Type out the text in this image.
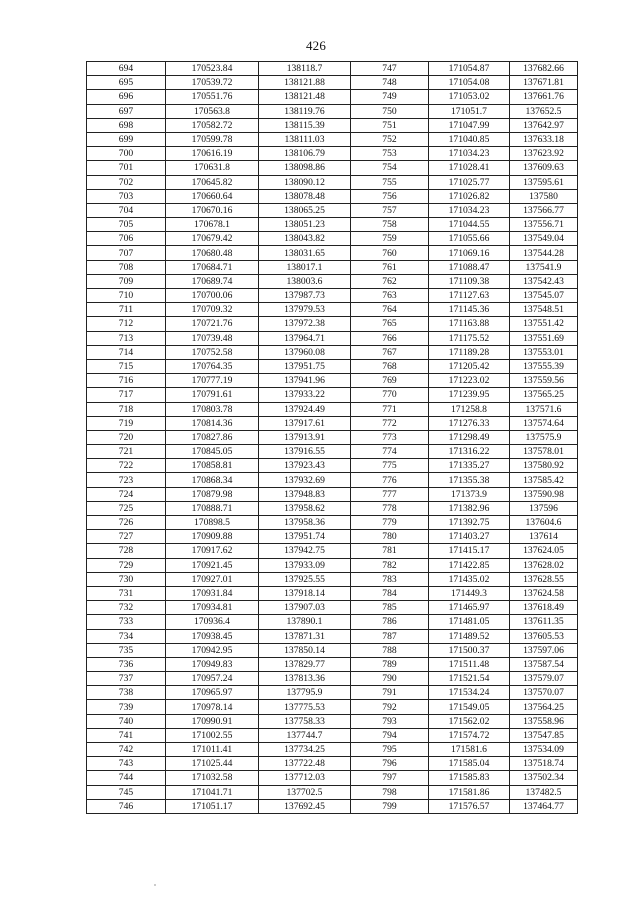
426
694	170523.84	138118.7	747	171054.87	137682.66
695	170539.72	138121.88	748	171054.08	137671.81
696	170551.76	138121.48	749	171053.02	137661.76
697	170563.8	138119.76	750	171051.7	137652.5
698	170582.72	138115.39	751	171047.99	137642.97
699	170599.78	138111.03	752	171040.85	137633.18
700	170616.19	138106.79	753	171034.23	137623.92
701	170631.8	138098.86	754	171028.41	137609.63
702	170645.82	138090.12	755	171025.77	137595.61
703	170660.64	138078.48	756	171026.82	137580
704	170670.16	138065.25	757	171034.23	137566.77
705	170678.1	138051.23	758	171044.55	137556.71
706	170679.42	138043.82	759	171055.66	137549.04
707	170680.48	138031.65	760	171069.16	137544.28
708	170684.71	138017.1	761	171088.47	137541.9
709	170689.74	138003.6	762	171109.38	137542.43
710	170700.06	137987.73	763	171127.63	137545.07
711	170709.32	137979.53	764	171145.36	137548.51
712	170721.76	137972.38	765	171163.88	137551.42
713	170739.48	137964.71	766	171175.52	137551.69
714	170752.58	137960.08	767	171189.28	137553.01
715	170764.35	137951.75	768	171205.42	137555.39
716	170777.19	137941.96	769	171223.02	137559.56
717	170791.61	137933.22	770	171239.95	137565.25
718	170803.78	137924.49	771	171258.8	137571.6
719	170814.36	137917.61	772	171276.33	137574.64
720	170827.86	137913.91	773	171298.49	137575.9
721	170845.05	137916.55	774	171316.22	137578.01
722	170858.81	137923.43	775	171335.27	137580.92
723	170868.34	137932.69	776	171355.38	137585.42
724	170879.98	137948.83	777	171373.9	137590.98
725	170888.71	137958.62	778	171382.96	137596
726	170898.5	137958.36	779	171392.75	137604.6
727	170909.88	137951.74	780	171403.27	137614
728	170917.62	137942.75	781	171415.17	137624.05
729	170921.45	137933.09	782	171422.85	137628.02
730	170927.01	137925.55	783	171435.02	137628.55
731	170931.84	137918.14	784	171449.3	137624.58
732	170934.81	137907.03	785	171465.97	137618.49
733	170936.4	137890.1	786	171481.05	137611.35
734	170938.45	137871.31	787	171489.52	137605.53
735	170942.95	137850.14	788	171500.37	137597.06
736	170949.83	137829.77	789	171511.48	137587.54
737	170957.24	137813.36	790	171521.54	137579.07
738	170965.97	137795.9	791	171534.24	137570.07
739	170978.14	137775.53	792	171549.05	137564.25
740	170990.91	137758.33	793	171562.02	137558.96
741	171002.55	137744.7	794	171574.72	137547.85
742	171011.41	137734.25	795	171581.6	137534.09
743	171025.44	137722.48	796	171585.04	137518.74
744	171032.58	137712.03	797	171585.83	137502.34
745	171041.71	137702.5	798	171581.86	137482.5
746	171051.17	137692.45	799	171576.57	137464.77
